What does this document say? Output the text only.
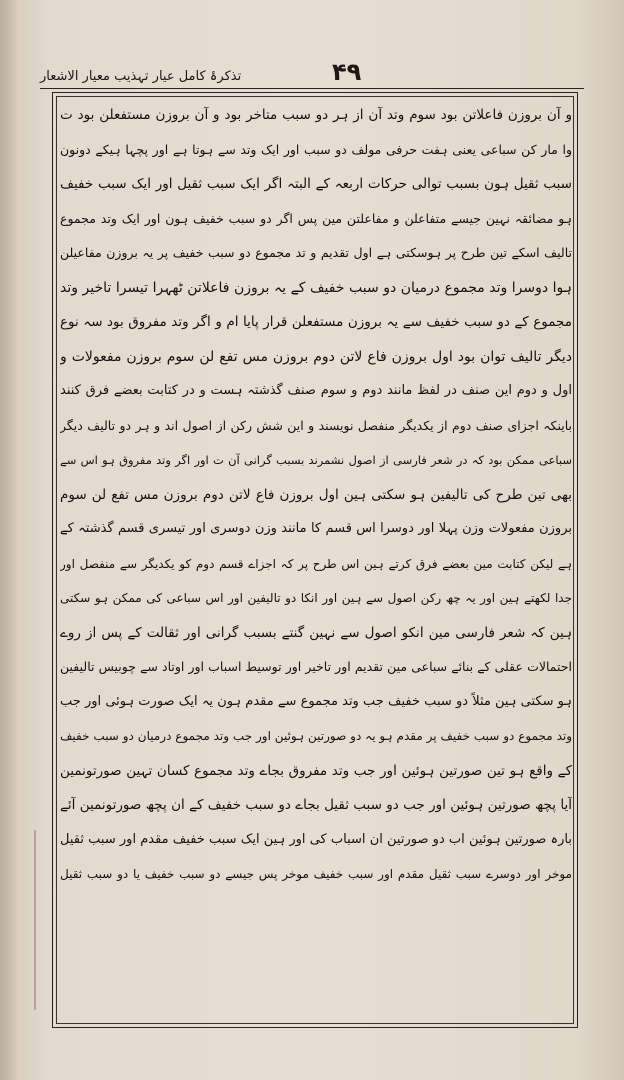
تذکرۂ کامل عیار تہذیب معیار الاشعار	۴۹
و آن بروزن فاعلاتن بود سوم وتد آن از ہر دو سبب متاخر بود و آن بروزن مستفعلن بود ت
وا مار کن سباعی یعنی ہفت حرفی مولف دو سبب اور ایک وتد سے ہوتا ہے اور پچہا ہیکے دونون
سبب ثقیل ہون بسبب توالی حرکات اربعہ کے البتہ اگر ایک سبب ثقیل اور ایک سبب خفیف
ہو مضائقہ نہین جیسے متفاعلن و مفاعلتن مین پس اگر دو سبب خفیف ہون اور ایک وتد مجموع
تالیف اسکے تین طرح پر ہوسکتی ہے اول تقدیم و تد مجموع دو سبب خفیف پر یہ بروزن مفاعیلن
ہوا دوسرا وتد مجموع درمیان دو سبب خفیف کے یہ بروزن فاعلاتن ٹھہرا تیسرا تاخیر وتد
مجموع کے دو سبب خفیف سے یہ بروزن مستفعلن قرار پایا ام و اگر وتد مفروق بود سہ نوع
دیگر تالیف توان بود اول بروزن فاع لاتن دوم بروزن مس تفع لن سوم بروزن مفعولات و
اول و دوم این صنف در لفظ مانند دوم و سوم صنف گذشتہ ہست و در کتابت بعضے فرق کنند
باینکہ اجزای صنف دوم از یکدیگر منفصل نویسند و این شش رکن از اصول اند و ہر دو تالیف دیگر
سباعی ممکن بود کہ در شعر فارسی از اصول نشمرند بسبب گرانی آن ت اور اگر وتد مفروق ہو اس سے
بھی تین طرح کی تالیفین ہو سکتی ہین اول بروزن فاع لاتن دوم بروزن مس تفع لن سوم
بروزن مفعولات وزن پہلا اور دوسرا اس قسم کا مانند وزن دوسری اور تیسری قسم گذشتہ کے
ہے لیکن کتابت مین بعضے فرق کرتے ہین اس طرح پر کہ اجزاے قسم دوم کو یکدیگر سے منفصل اور
جدا لکھتے ہین اور یہ چھ رکن اصول سے ہین اور انکا دو تالیفین اور اس سباعی کی ممکن ہو سکتی
ہین کہ شعر فارسی مین انکو اصول سے نہین گنتے بسبب گرانی اور ثقالت کے پس از روے
احتمالات عقلی کے بنائے سباعی مین تقدیم اور تاخیر اور توسیط اسباب اور اوتاد سے چوبیس تالیفین
ہو سکتی ہین مثلاً دو سبب خفیف جب وتد مجموع سے مقدم ہون یہ ایک صورت ہوئی اور جب
وتد مجموع دو سبب خفیف پر مقدم ہو یہ دو صورتین ہوئین اور جب وتد مجموع درمیان دو سبب خفیف
کے واقع ہو تین صورتین ہوئین اور جب وتد مفروق بجاے وتد مجموع کسان تہین صورتونمین
آیا پچھ صورتین ہوئین اور جب دو سبب ثقیل بجاے دو سبب خفیف کے ان پچھ صورتونمین آئے
بارہ صورتین ہوئین اب دو صورتین ان اسباب کی اور ہین ایک سبب خفیف مقدم اور سبب ثقیل
موخر اور دوسرے سبب ثقیل مقدم اور سبب خفیف موخر پس جیسے دو سبب خفیف یا دو سبب ثقیل
